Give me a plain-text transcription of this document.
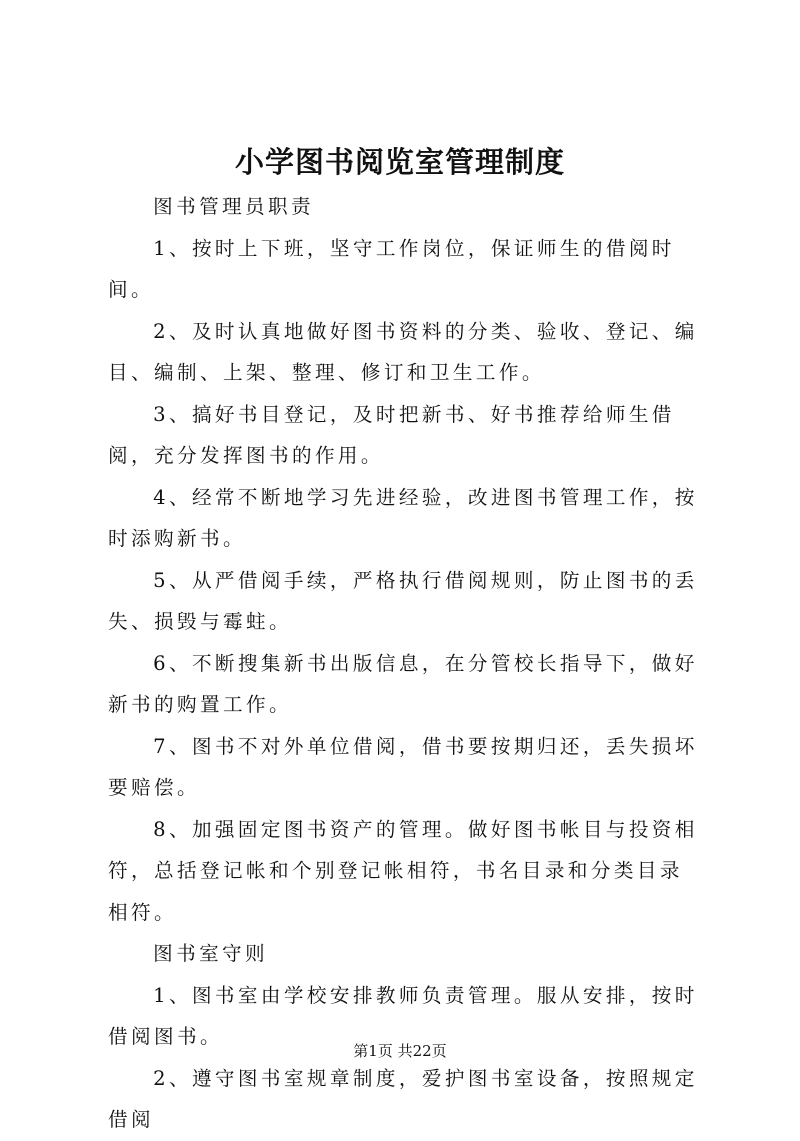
小学图书阅览室管理制度

图书管理员职责

1、按时上下班，坚守工作岗位，保证师生的借阅时间。

2、及时认真地做好图书资料的分类、验收、登记、编目、编制、上架、整理、修订和卫生工作。

3、搞好书目登记，及时把新书、好书推荐给师生借阅，充分发挥图书的作用。

4、经常不断地学习先进经验，改进图书管理工作，按时添购新书。

5、从严借阅手续，严格执行借阅规则，防止图书的丢失、损毁与霉蛀。

6、不断搜集新书出版信息，在分管校长指导下，做好新书的购置工作。

7、图书不对外单位借阅，借书要按期归还，丢失损坏要赔偿。

8、加强固定图书资产的管理。做好图书帐目与投资相符，总括登记帐和个别登记帐相符，书名目录和分类目录相符。

图书室守则

1、图书室由学校安排教师负责管理。服从安排，按时借阅图书。

2、遵守图书室规章制度，爱护图书室设备，按照规定借阅

第1页 共22页
